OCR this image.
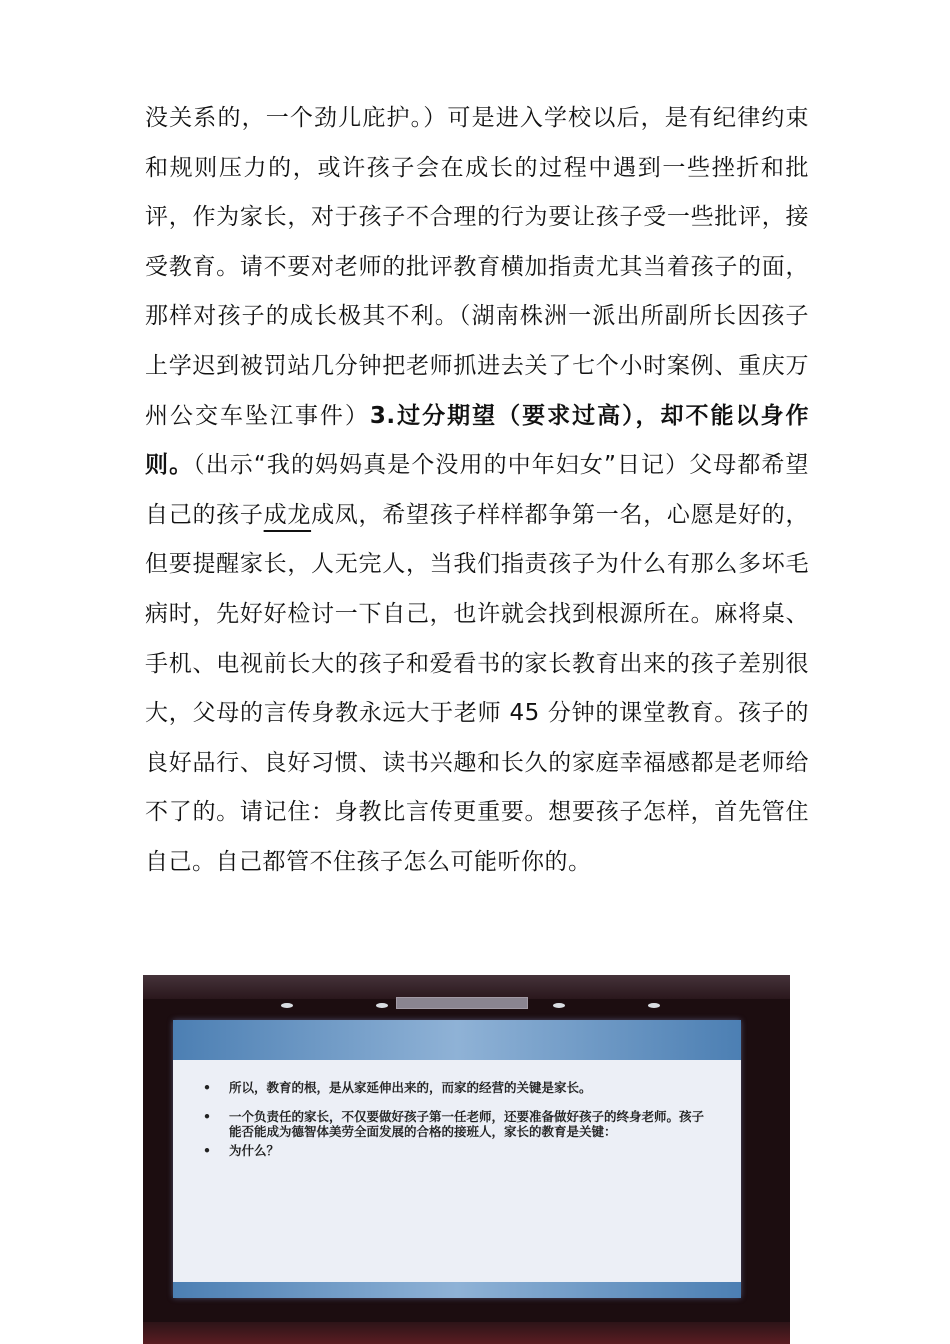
没关系的，一个劲儿庇护。）可是进入学校以后，是有纪律约束和规则压力的，或许孩子会在成长的过程中遇到一些挫折和批评，作为家长，对于孩子不合理的行为要让孩子受一些批评，接受教育。请不要对老师的批评教育横加指责尤其当着孩子的面，那样对孩子的成长极其不利。（湖南株洲一派出所副所长因孩子上学迟到被罚站几分钟把老师抓进去关了七个小时案例、重庆万州公交车坠江事件）3.过分期望（要求过高），却不能以身作则。（出示“我的妈妈真是个没用的中年妇女”日记）父母都希望自己的孩子成龙成凤，希望孩子样样都争第一名，心愿是好的，但要提醒家长，人无完人，当我们指责孩子为什么有那么多坏毛病时，先好好检讨一下自己，也许就会找到根源所在。麻将桌、手机、电视前长大的孩子和爱看书的家长教育出来的孩子差别很大，父母的言传身教永远大于老师 45 分钟的课堂教育。孩子的良好品行、良好习惯、读书兴趣和长久的家庭幸福感都是老师给不了的。请记住：身教比言传更重要。想要孩子怎样，首先管住自己。自己都管不住孩子怎么可能听你的。

• 所以，教育的根，是从家延伸出来的，而家的经营的关键是家长。
• 一个负责任的家长，不仅要做好孩子第一任老师，还要准备做好孩子的终身老师。孩子能否能成为德智体美劳全面发展的合格的接班人，家长的教育是关键：
• 为什么？
